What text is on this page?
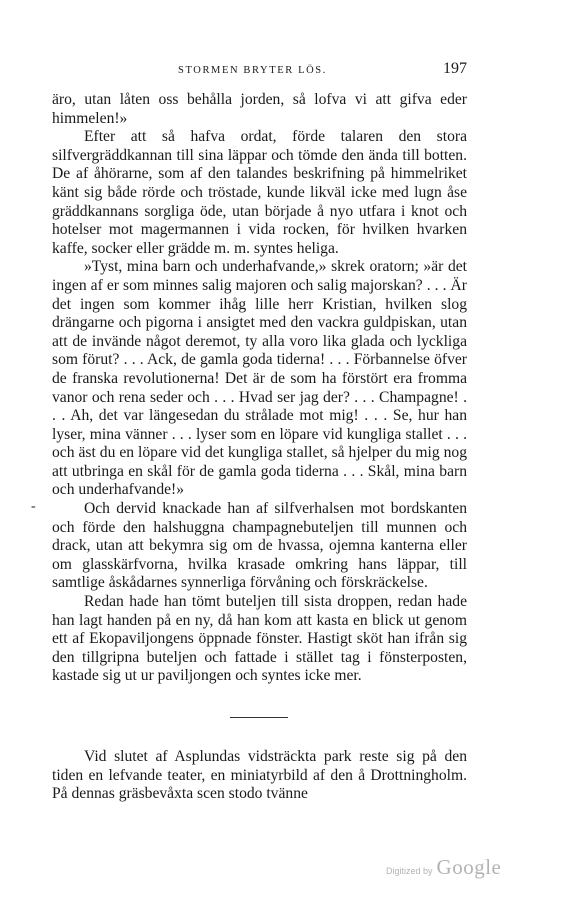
STORMEN BRYTER LÖS.	197
-

äro, utan låten oss behålla jorden, så lofva vi att gifva eder himmelen!»

Efter att så hafva ordat, förde talaren den stora silfvergräddkannan till sina läppar och tömde den ända till botten. De af åhörarne, som af den talandes beskrifning på himmelriket känt sig både rörde och tröstade, kunde likväl icke med lugn åse gräddkannans sorgliga öde, utan började å nyo utfara i knot och hotelser mot magermannen i vida rocken, för hvilken hvarken kaffe, socker eller grädde m. m. syntes heliga.

»Tyst, mina barn och underhafvande,» skrek oratorn; »är det ingen af er som minnes salig majoren och salig majorskan? . . . Är det ingen som kommer ihåg lille herr Kristian, hvilken slog drängarne och pigorna i ansigtet med den vackra guldpiskan, utan att de invände något deremot, ty alla voro lika glada och lyckliga som förut? . . . Ack, de gamla goda tiderna! . . . Förbannelse öfver de franska revolutionerna! Det är de som ha förstört era fromma vanor och rena seder och . . . Hvad ser jag der? . . . Champagne! . . . Ah, det var längesedan du strålade mot mig! . . . Se, hur han lyser, mina vänner . . . lyser som en löpare vid kungliga stallet . . . och äst du en löpare vid det kungliga stallet, så hjelper du mig nog att utbringa en skål för de gamla goda tiderna . . . Skål, mina barn och underhafvande!»

Och dervid knackade han af silfverhalsen mot bordskanten och förde den halshuggna champagnebuteljen till munnen och drack, utan att bekymra sig om de hvassa, ojemna kanterna eller om glasskärfvorna, hvilka krasade omkring hans läppar, till samtlige åskådarnes synnerliga förvåning och förskräckelse.

Redan hade han tömt buteljen till sista droppen, redan hade han lagt handen på en ny, då han kom att kasta en blick ut genom ett af Ekopaviljongens öppnade fönster. Hastigt sköt han ifrån sig den tillgripna buteljen och fattade i stället tag i fönsterposten, kastade sig ut ur paviljongen och syntes icke mer.

Vid slutet af Asplundas vidsträckta park reste sig på den tiden en lefvande teater, en miniatyrbild af den å Drottningholm. På dennas gräsbevåxta scen stodo tvänne

Digitized by Google
